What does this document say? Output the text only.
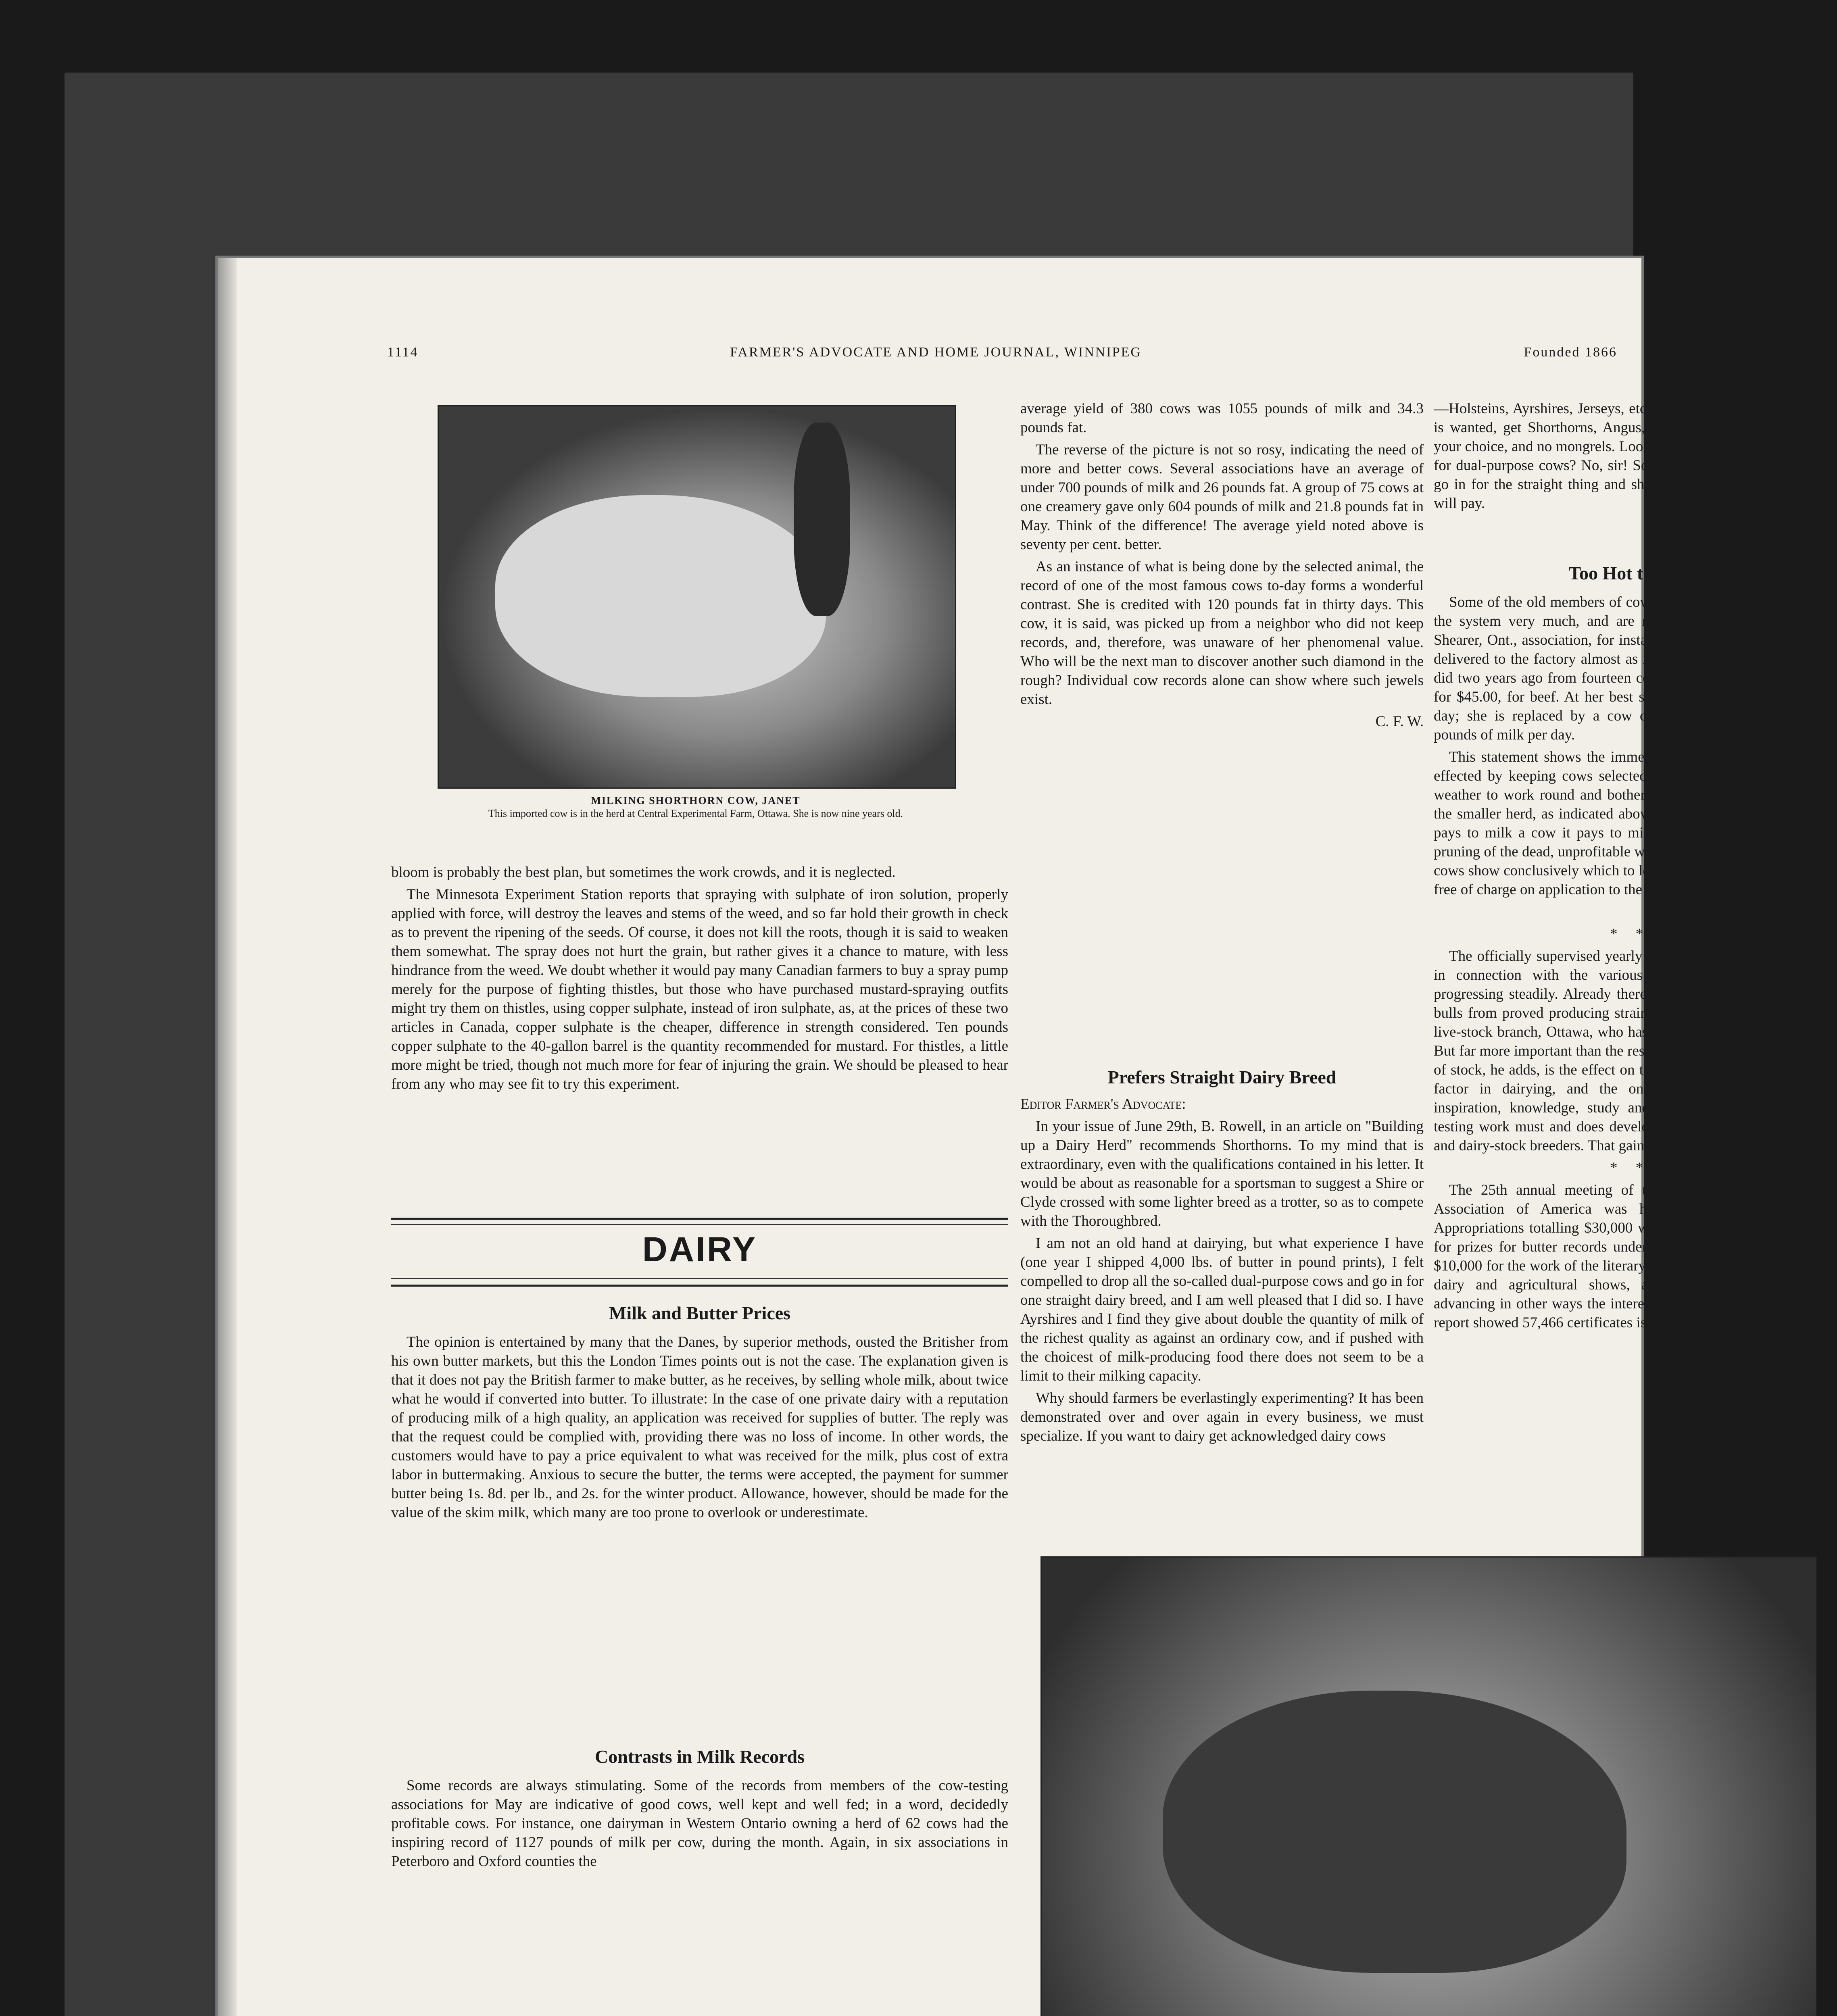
1114	FARMER'S ADVOCATE AND HOME JOURNAL, WINNIPEG	Founded 1866
MILKING SHORTHORN COW, JANET
This imported cow is in the herd at Central Experimental Farm, Ottawa. She is now nine years old.

bloom is probably the best plan, but sometimes the work crowds, and it is neglected.

The Minnesota Experiment Station reports that spraying with sulphate of iron solution, properly applied with force, will destroy the leaves and stems of the weed, and so far hold their growth in check as to prevent the ripening of the seeds. Of course, it does not kill the roots, though it is said to weaken them somewhat. The spray does not hurt the grain, but rather gives it a chance to mature, with less hindrance from the weed. We doubt whether it would pay many Canadian farmers to buy a spray pump merely for the purpose of fighting thistles, but those who have purchased mustard-spraying outfits might try them on thistles, using copper sulphate, instead of iron sulphate, as, at the prices of these two articles in Canada, copper sulphate is the cheaper, difference in strength considered. Ten pounds copper sulphate to the 40-gallon barrel is the quantity recommended for mustard. For thistles, a little more might be tried, though not much more for fear of injuring the grain. We should be pleased to hear from any who may see fit to try this experiment.

DAIRY
Milk and Butter Prices

The opinion is entertained by many that the Danes, by superior methods, ousted the Britisher from his own butter markets, but this the London Times points out is not the case. The explanation given is that it does not pay the British farmer to make butter, as he receives, by selling whole milk, about twice what he would if converted into butter. To illustrate: In the case of one private dairy with a reputation of producing milk of a high quality, an application was received for supplies of butter. The reply was that the request could be complied with, providing there was no loss of income. In other words, the customers would have to pay a price equivalent to what was received for the milk, plus cost of extra labor in buttermaking. Anxious to secure the butter, the terms were accepted, the payment for summer butter being 1s. 8d. per lb., and 2s. for the winter product. Allowance, however, should be made for the value of the skim milk, which many are too prone to overlook or underestimate.

Contrasts in Milk Records

Some records are always stimulating. Some of the records from members of the cow-testing associations for May are indicative of good cows, well kept and well fed; in a word, decidedly profitable cows. For instance, one dairyman in Western Ontario owning a herd of 62 cows had the inspiring record of 1127 pounds of milk per cow, during the month. Again, in six associations in Peterboro and Oxford counties the

average yield of 380 cows was 1055 pounds of milk and 34.3 pounds fat.

The reverse of the picture is not so rosy, indicating the need of more and better cows. Several associations have an average of under 700 pounds of milk and 26 pounds fat. A group of 75 cows at one creamery gave only 604 pounds of milk and 21.8 pounds fat in May. Think of the difference! The average yield noted above is seventy per cent. better.

As an instance of what is being done by the selected animal, the record of one of the most famous cows to-day forms a wonderful contrast. She is credited with 120 pounds fat in thirty days. This cow, it is said, was picked up from a neighbor who did not keep records, and, therefore, was unaware of her phenomenal value. Who will be the next man to discover another such diamond in the rough? Individual cow records alone can show where such jewels exist.

C. F. W.

Prefers Straight Dairy Breed

Editor Farmer's Advocate:

In your issue of June 29th, B. Rowell, in an article on "Building up a Dairy Herd" recommends Shorthorns. To my mind that is extraordinary, even with the qualifications contained in his letter. It would be about as reasonable for a sportsman to suggest a Shire or Clyde crossed with some lighter breed as a trotter, so as to compete with the Thoroughbred.

I am not an old hand at dairying, but what experience I have (one year I shipped 4,000 lbs. of butter in pound prints), I felt compelled to drop all the so-called dual-purpose cows and go in for one straight dairy breed, and I am well pleased that I did so. I have Ayrshires and I find they give about double the quantity of milk of the richest quality as against an ordinary cow, and if pushed with the choicest of milk-producing food there does not seem to be a limit to their milking capacity.

Why should farmers be everlastingly experimenting? It has been demonstrated over and over again in every business, we must specialize. If you want to dairy get acknowledged dairy cows

—Holsteins, Ayrshires, Jerseys, etc. There is ample choice. If beef is wanted, get Shorthorns, Angus, Herefords, etc., and stay with your choice, and no mongrels. Look at Denmark. Are they going in for dual-purpose cows? No, sir! So quit this see-saw business and go in for the straight thing and shove it for all it is worth, and it will pay.

John Dutton.

Too Hot to Work

Some of the old members of cow testing associations appreciate the system very much, and are realizing a profit by it. In the Shearer, Ont., association, for instance, one man states that he has delivered to the factory almost as much milk from ten cows as he did two years ago from fourteen cows. He has sold one of the ten for $45.00, for beef. At her best she gave 31 pounds of milk per day; she is replaced by a cow costing $50.00, now giving 41 pounds of milk per day.

This statement shows the immense saving of labor that can be effected by keeping cows selected on their records. It is too hot weather to work round and bother with four unnecessary cows if the smaller herd, as indicated above, brings as good a return. If it pays to milk a cow it pays to milk a good one. The herd needs pruning of the dead, unprofitable wood. Dairy records of individual cows show conclusively which to lop off. Blank forms are supplied free of charge on application to the Dairy Commissioner, Ottawa.

C. F. W.

* * *

The officially supervised yearly testing of purebred dairy cows, in connection with the various Records of Performance, is progressing steadily. Already there is a notable demand for stock bulls from proved producing strains, says Dan Drummond, of the live-stock branch, Ottawa, who has charge of the inspection work. But far more important than the resultant effect in the improvement of stock, he adds, is the effect on the men. The man is the greatest factor in dairying, and the only factor in citizenship. The inspiration, knowledge, study and intelligence fostered by this testing work must and does develop a race of educated dairymen and dairy-stock breeders. That gain is invaluable.

* * *

The 25th annual meeting of the Holstein-Friesian Breeders' Association of America was held in New York, June 1. Appropriations totalling $30,000 were voted, of which $10,000 is for prizes for butter records under the advanced registry system; $10,000 for the work of the literary committee, $4,500 for prizes at dairy and agricultural shows, and other smaller grants for advancing in other ways the interests of the breed. The secretary's report showed 57,466 certificates issued during the year.
